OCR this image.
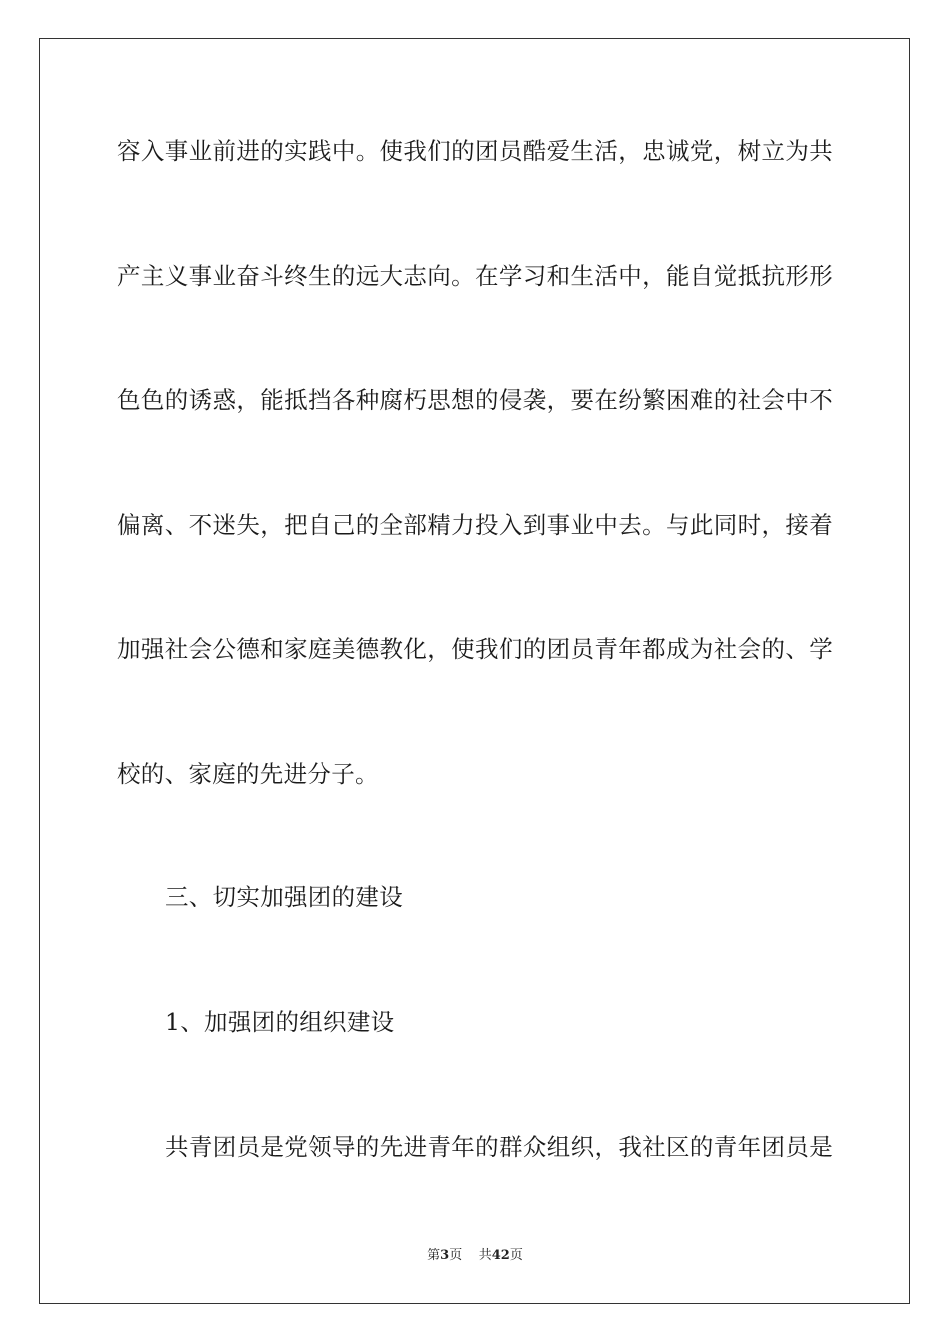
容入事业前进的实践中。使我们的团员酷爱生活，忠诚党，树立为共
产主义事业奋斗终生的远大志向。在学习和生活中，能自觉抵抗形形
色色的诱惑，能抵挡各种腐朽思想的侵袭，要在纷繁困难的社会中不
偏离、不迷失，把自己的全部精力投入到事业中去。与此同时，接着
加强社会公德和家庭美德教化，使我们的团员青年都成为社会的、学
校的、家庭的先进分子。
三、切实加强团的建设
1、加强团的组织建设
共青团员是党领导的先进青年的群众组织，我社区的青年团员是
第3页 共42页
